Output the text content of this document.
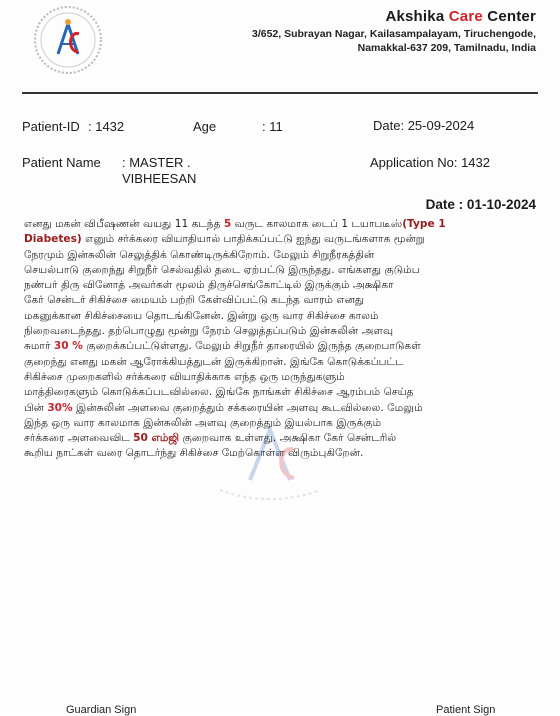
Akshika Care Center
3/652, Subrayan Nagar, Kailasampalayam, Tiruchengode,
Namakkal-637 209, Tamilnadu, India
Patient-ID : 1432	Age	: 11	Date: 25-09-2024
Patient Name : MASTER .
VIBHEESAN
Application No: 1432
Date : 01-10-2024
எனது மகன் விபீஷணன் வயது 11 கடந்த 5 வருட காலமாக டைப் 1 டயாபடீஸ்(Type 1
Diabetes) எனும் சர்க்கரை வியாதியால் பாதிக்கப்பட்டு ஐந்து வருடங்களாக மூன்று
நேரமும் இன்சுலின் செலுத்திக் கொண்டிருக்கிறோம். மேலும் சிறுநீரகத்தின்
செயல்பாடு குறைந்து சிறுநீர் செல்வதில் தடை ஏற்பட்டு இருந்தது. எங்களது குடும்ப
நண்பர் திரு வினோத் அவர்கள் மூலம் திருச்செங்கோட்டில் இருக்கும் அக்ஷிகா
கேர் சென்டர் சிகிச்சை மையம் பற்றி கேள்விப்பட்டு கடந்த வாரம் எனது
மகனுக்கான சிகிச்சையை தொடங்கினேன். இன்று ஒரு வார சிகிச்சை காலம்
நிறைவடைந்தது. தற்பொழுது மூன்று நேரம் செலுத்தப்படும் இன்சுலின் அளவு
சுமார் 30 % குறைக்கப்பட்டுள்ளது. மேலும் சிறுநீர் தாரையில் இருந்த குறைபாடுகள்
குறைந்து எனது மகன் ஆரோக்கியத்துடன் இருக்கிறான். இங்கே கொடுக்கப்பட்ட
சிகிச்சை முறைகளில் சர்க்கரை வியாதிக்காக எந்த ஒரு மருந்துகளும்
மாத்திரைகளும் கொடுக்கப்படவில்லை. இங்கே நாங்கள் சிகிச்சை ஆரம்பம் செய்த
பின் 30% இன்சுலின் அளவை குறைத்தும் சக்கரையின் அளவு கூடவில்லை. மேலும்
இந்த ஒரு வார காலமாக இன்சுலின் அளவு குறைத்தும் இயல்பாக இருக்கும்
சர்க்கரை அளவைவிட 50 எம்ஜி குறைவாக உள்ளது. அக்ஷிகா கேர் சென்டரில்
கூறிய நாட்கள் வரை தொடர்ந்து சிகிச்சை மேற்கொள்ள விரும்புகிறேன்.
Guardian Sign	Patient Sign
